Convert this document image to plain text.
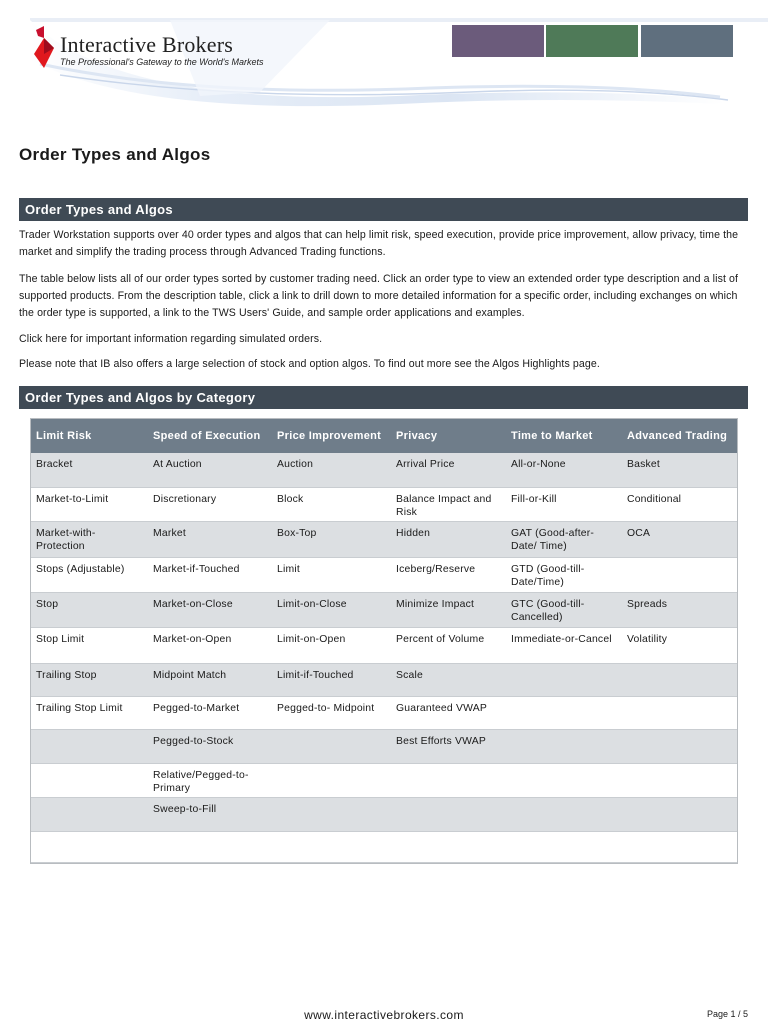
Interactive Brokers
The Professional's Gateway to the World's Markets
Order Types and Algos
Order Types and Algos

Trader Workstation supports over 40 order types and algos that can help limit risk, speed execution, provide price improvement, allow privacy, time the market and simplify the trading process through Advanced Trading functions.

The table below lists all of our order types sorted by customer trading need. Click an order type to view an extended order type description and a list of supported products. From the description table, click a link to drill down to more detailed information for a specific order, including exchanges on which the order type is supported, a link to the TWS Users' Guide, and sample order applications and examples.

Click here for important information regarding simulated orders.

Please note that IB also offers a large selection of stock and option algos. To find out more see the Algos Highlights page.

Order Types and Algos by Category
Limit Risk	Speed of Execution	Price Improvement	Privacy	Time to Market	Advanced Trading
Bracket	At Auction	Auction	Arrival Price	All-or-None	Basket
Market-to-Limit	Discretionary	Block	Balance Impact and Risk	Fill-or-Kill	Conditional
Market-with-Protection	Market	Box-Top	Hidden	GAT (Good-after-Date/ Time)	OCA
Stops (Adjustable)	Market-if-Touched	Limit	Iceberg/Reserve	GTD (Good-till-Date/Time)	
Stop	Market-on-Close	Limit-on-Close	Minimize Impact	GTC (Good-till-Cancelled)	Spreads
Stop Limit	Market-on-Open	Limit-on-Open	Percent of Volume	Immediate-or-Cancel	Volatility
Trailing Stop	Midpoint Match	Limit-if-Touched	Scale		
Trailing Stop Limit	Pegged-to-Market	Pegged-to- Midpoint	Guaranteed VWAP		
	Pegged-to-Stock		Best Efforts VWAP		
	Relative/Pegged-to-Primary				
	Sweep-to-Fill				

www.interactivebrokers.com	Page 1 / 5
